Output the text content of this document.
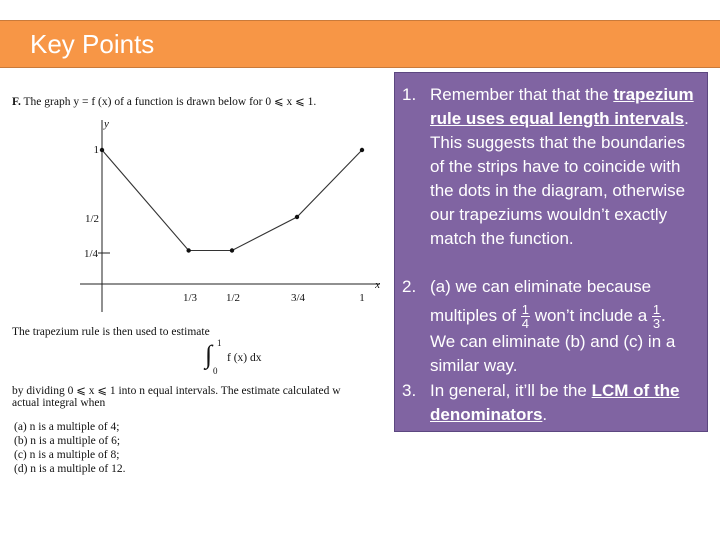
Key Points
F. The graph y = f (x) of a function is drawn below for 0 ⩽ x ⩽ 1.
y
x
1
1/2
1/4
1/3	1/2	3/4	1
The trapezium rule is then used to estimate
∫ 1
0
f (x) dx
by dividing 0 ⩽ x ⩽ 1 into n equal intervals. The estimate calculated w
actual integral when
(a) n is a multiple of 4;
(b) n is a multiple of 6;
(c) n is a multiple of 8;
(d) n is a multiple of 12.
1. Remember that that the trapezium rule uses equal length intervals. This suggests that the boundaries of the strips have to coincide with the dots in the diagram, otherwise our trapeziums wouldn’t exactly match the function.
2. (a) we can eliminate because
multiples of $\frac{1}{4}$ won’t include a $\frac{1}{3}$ .
We can eliminate (b) and (c) in a similar way.
3. In general, it’ll be the LCM of the denominators.
